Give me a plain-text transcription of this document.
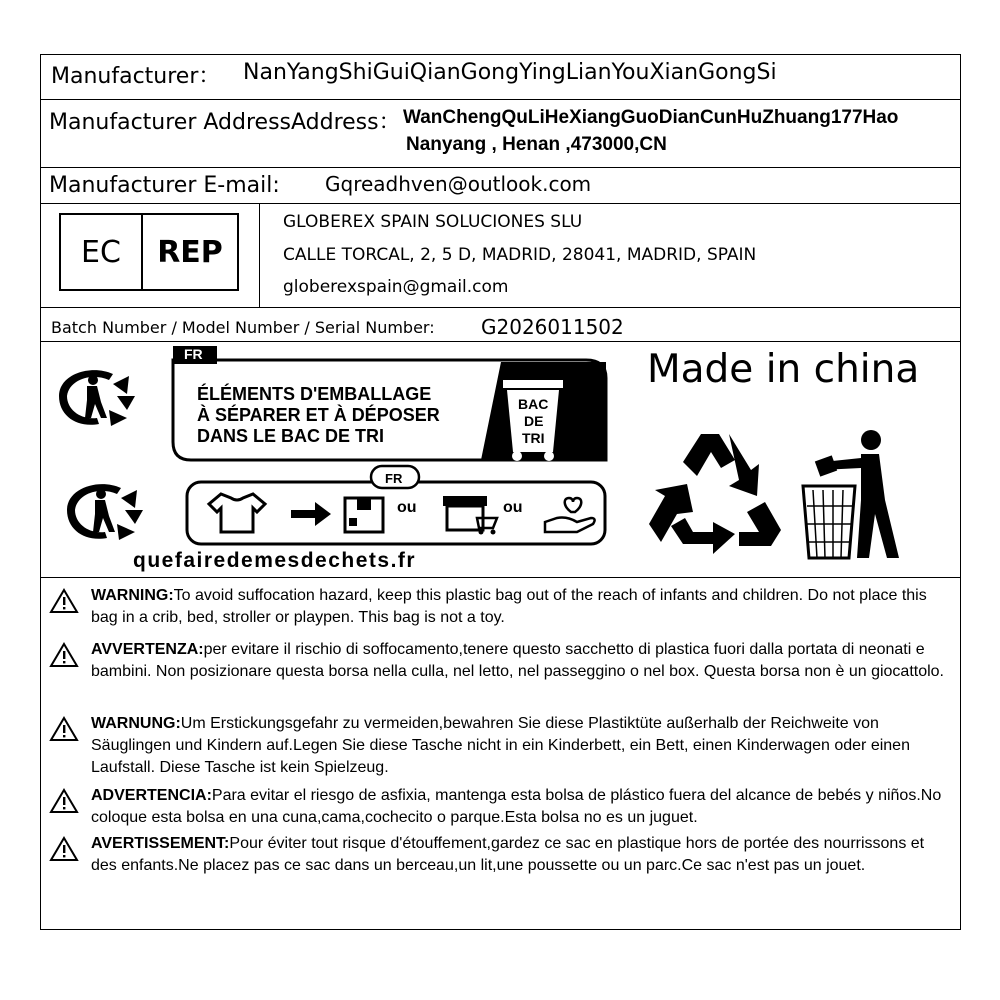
Manufacturer： NanYangShiGuiQianGongYingLianYouXianGongSi
Manufacturer AddressAddress： WanChengQuLiHeXiangGuoDianCunHuZhuang177Hao
Nanyang , Henan ,473000,CN
Manufacturer E-mail: Gqreadhven@outlook.com
EC	REP
GLOBEREX SPAIN SOLUCIONES SLU
CALLE TORCAL, 2, 5 D, MADRID, 28041, MADRID, SPAIN
globerexspain@gmail.com
Batch Number / Model Number / Serial Number: G2026011502
FR
ÉLÉMENTS D'EMBALLAGE
À SÉPARER ET À DÉPOSER
DANS LE BAC DE TRI
BAC
DE
TRI
FR
ou	ou
quefairedemesdechets.fr
Made in china
WARNING:To avoid suffocation hazard, keep this plastic bag out of the reach of infants and children. Do not place this bag in a crib, bed, stroller or playpen. This bag is not a toy.
AVVERTENZA:per evitare il rischio di soffocamento,tenere questo sacchetto di plastica fuori dalla portata di neonati e bambini. Non posizionare questa borsa nella culla, nel letto, nel passeggino o nel box. Questa borsa non è un giocattolo.
WARNUNG:Um Erstickungsgefahr zu vermeiden,bewahren Sie diese Plastiktüte außerhalb der Reichweite von Säuglingen und Kindern auf.Legen Sie diese Tasche nicht in ein Kinderbett, ein Bett, einen Kinderwagen oder einen Laufstall. Diese Tasche ist kein Spielzeug.
ADVERTENCIA:Para evitar el riesgo de asfixia, mantenga esta bolsa de plástico fuera del alcance de bebés y niños.No coloque esta bolsa en una cuna,cama,cochecito o parque.Esta bolsa no es un juguet.
AVERTISSEMENT:Pour éviter tout risque d'étouffement,gardez ce sac en plastique hors de portée des nourrissons et des enfants.Ne placez pas ce sac dans un berceau,un lit,une poussette ou un parc.Ce sac n'est pas un jouet.
